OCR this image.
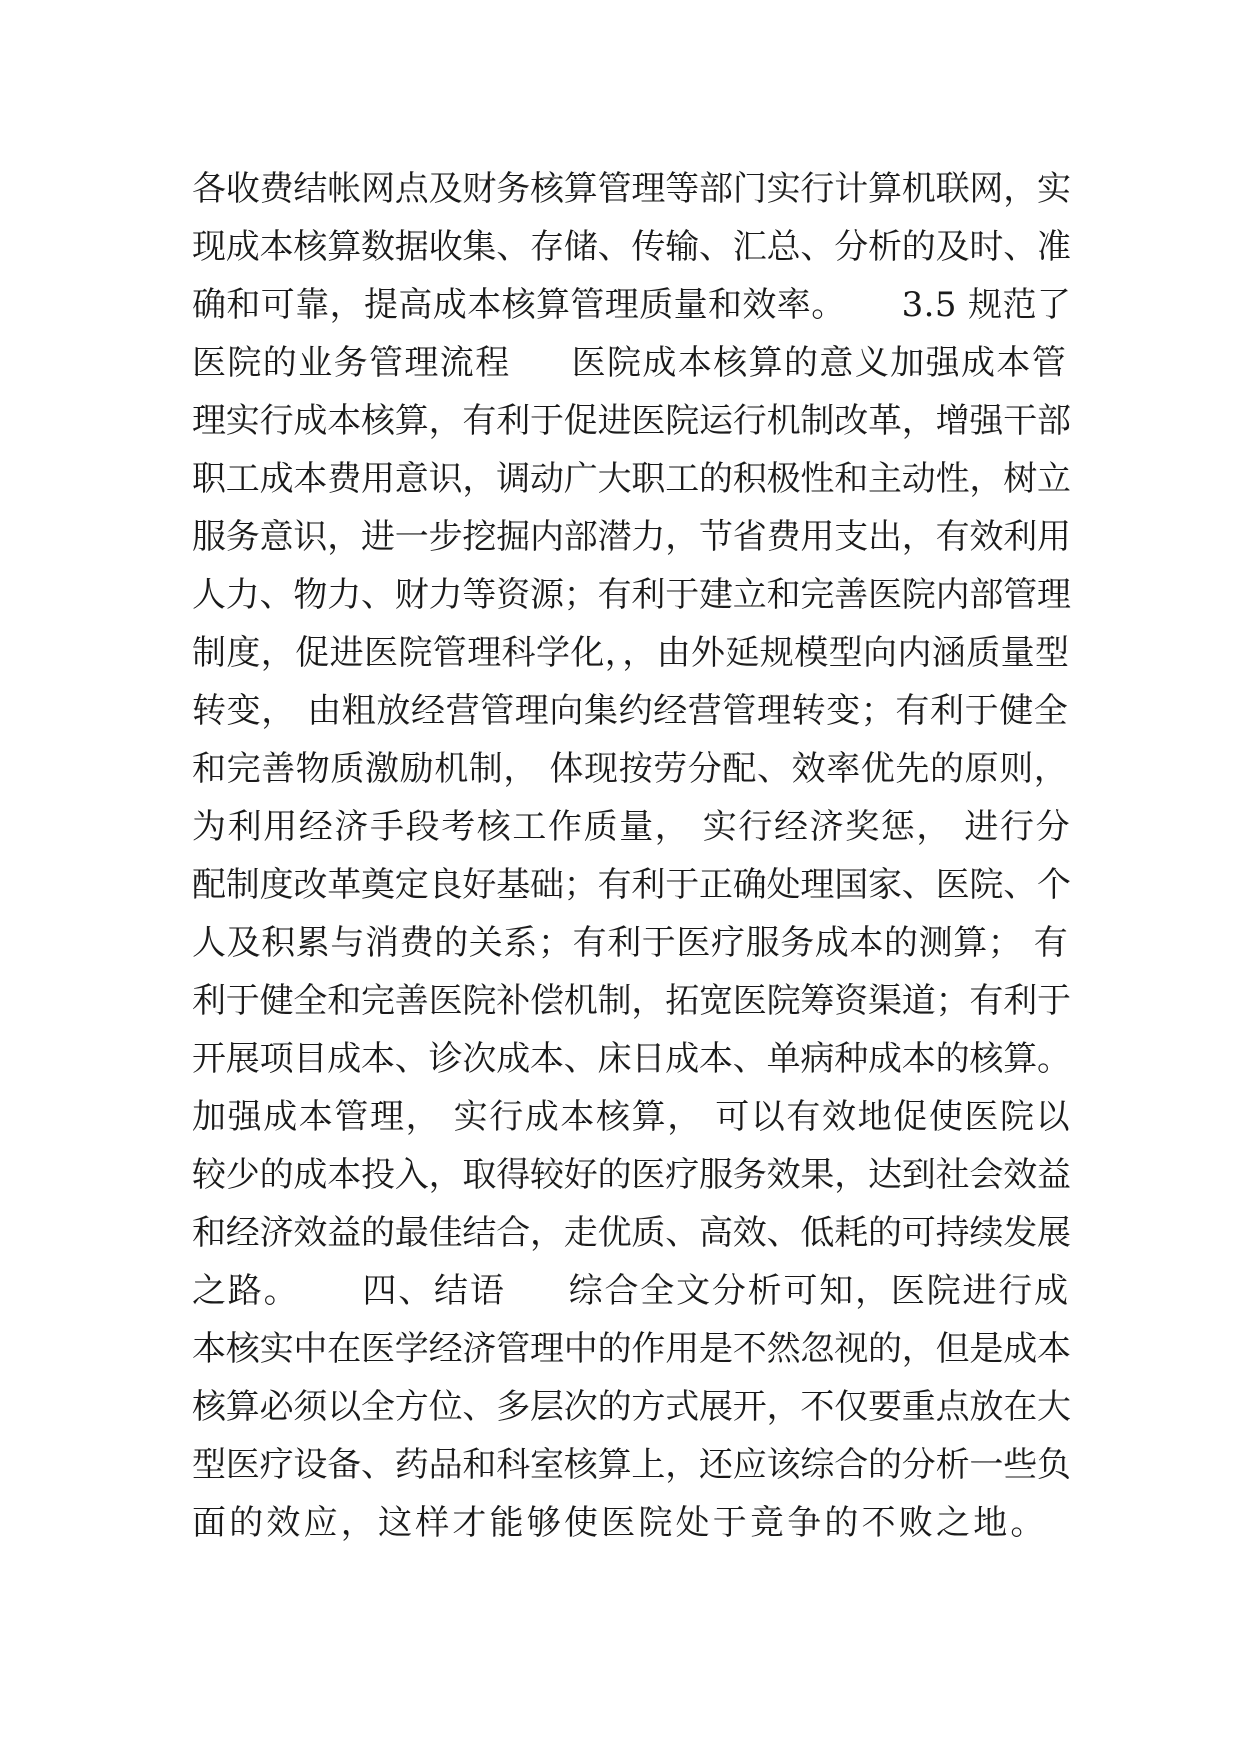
各收费结帐网点及财务核算管理等部门实行计算机联网，实
现成本核算数据收集、存储、传输、汇总、分析的及时、准
确和可靠，提高成本核算管理质量和效率。     3.5 规范了
医院的业务管理流程     医院成本核算的意义加强成本管
理实行成本核算，有利于促进医院运行机制改革，增强干部
职工成本费用意识，调动广大职工的积极性和主动性，树立
服务意识，进一步挖掘内部潜力，节省费用支出，有效利用
人力、物力、财力等资源；有利于建立和完善医院内部管理
制度，促进医院管理科学化，，由外延规模型向内涵质量型
转变， 由粗放经营管理向集约经营管理转变；有利于健全
和完善物质激励机制， 体现按劳分配、效率优先的原则，
为利用经济手段考核工作质量， 实行经济奖惩， 进行分
配制度改革奠定良好基础；有利于正确处理国家、医院、个
人及积累与消费的关系；有利于医疗服务成本的测算； 有
利于健全和完善医院补偿机制，拓宽医院筹资渠道；有利于
开展项目成本、诊次成本、床日成本、单病种成本的核算。
加强成本管理， 实行成本核算， 可以有效地促使医院以
较少的成本投入，取得较好的医疗服务效果，达到社会效益
和经济效益的最佳结合，走优质、高效、低耗的可持续发展
之路。     四、结语     综合全文分析可知，医院进行成
本核实中在医学经济管理中的作用是不然忽视的，但是成本
核算必须以全方位、多层次的方式展开，不仅要重点放在大
型医疗设备、药品和科室核算上，还应该综合的分析一些负
面的效应，这样才能够使医院处于竟争的不败之地。
